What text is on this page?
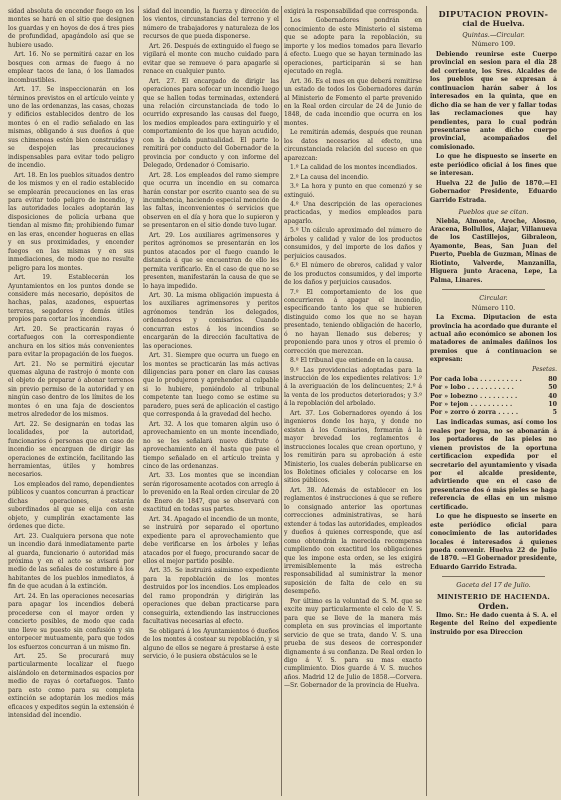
sidad absoluta de encender fuego en los montes se hará en el sitio que designen los guardas y en hoyos de dos á tres pies de profundidad, apagándolo así que se hubiere usado.

Art. 16. No se permitirá cazar en los bosques con armas de fuego á no emplear tacos de lana, ó los llamados incombustibles.

Art. 17. Se inspeccionarán en los términos previstos en el artículo veinte y uno de las ordenanzas, las casas, chozas y edificios establecidos dentro de los montes ó en el radio señalado en las mismas, obligando á sus dueños á que sus chimeneas estén bien construidas y se despojen las precauciones indispensables para evitar todo peligro de incendio.

Art. 18. En los pueblos situados dentro de los mismos y en el radio establecido se emplearán precauciones en las eras para evitar todo peligro de incendio, y las autoridades locales adoptarán las disposiciones de policía urbana que tiendan al mismo fin; prohibiendo fumar en las eras, encender hogueras en ellas y en sus proximidades, y encender fuegos en las mismas y en sus inmediaciones, de modo que no resulte peligro para los montes.

Art. 19. Establecerán los Ayuntamientos en los puntos donde se considere más necesario, depósitos de hachas, palas, azadones, espuertas terreras, segadores y demás útiles propios para cortar los incendios.

Art. 20. Se practicarán rayas ó cortafuegos con la correspondiente anchura en los sitios más convenientes para evitar la propagación de los fuegos.

Art. 21. No se permitirá ejecutar quemas alguna de rastrojo ó monte con el objeto de preparar ó abonar terrenos sin previo permiso de la autoridad y en ningún caso dentro de los límites de los montes ó en una faja de doscientos metros alrededor de los mismos.

Art. 22. Se designarán en todas las localidades, por la autoridad, funcionarios ó personas que en caso de incendio se encarguen de dirigir las operaciones de extinción, facilitando las herramientas, útiles y hombres necesarios.

Los empleados del ramo, dependientes públicos y cuantos concurran á practicar dichas operaciones, estarán subordinados al que se elija con este objeto, y cumplirán exactamente las órdenes que dicte.

Art. 23. Cualquiera persona que note un incendio dará inmediatamente parte al guarda, funcionario ó autoridad más próxima y en el acto se avisará por medio de las señales de costumbre á los habitantes de los pueblos inmediatos, á fin de que acudan á la extinción.

Art. 24. En las operaciones necesarias para apagar los incendios deberá procederse con el mayor orden y concierto posibles, de modo que cada uno lleve su puesto sin confusión y sin entorpecer mutuamente, para que todos los esfuerzos concurran á un mismo fin.

Art. 25. Se procurará muy particularmente localizar el fuego aislándolo en determinados espacios por medio de rayas ó cortafuegos. Tanto para esto como para su completa extinción se adoptarán los medios más eficaces y expeditos según la extensión é intensidad del incendio.

sidad del incendio, la fuerza y dirección de los vientos, circunstancias del terreno y el número de trabajadores y naturaleza de los recursos de que pueda disponerse.

Art. 26. Después de extinguido el fuego se vigilará el monte con mucho cuidado para evitar que se remueve ó para apagarle si renace en cualquier punto.

Art. 27. El encargado de dirigir las operaciones para sofocar un incendio luego que se hallen todas terminadas, extenderá una relación circunstanciada de todo lo ocurrido expresando las causas del fuego, los medios empleados para extinguirlo y el comportamiento de los que hayan acudido, con la debida puntualidad. El parte lo remitirá por conducto del Gobernador de la provincia por conducto y con informe del Delegado, Ordenador ó Comisario.

Art. 28. Los empleados del ramo siempre que ocurra un incendio en su comarca harán constar por escrito cuanto sea de su incumbencia, haciendo especial mención de las faltas, inconvenientes ó servicios que observen en el día y hora que lo supieron y se presentaron en el sitio donde tuvo lugar.

Art. 29. Los auxiliares agrimensores y peritos agrónomos se presentarán en los puntos atacados por el fuego cuando le distancia á que se encuentran de ello les permita verificarlo. En el caso de que no se presenten, manifestarán la causa de que se lo haya impedido.

Art. 30. La misma obligación impuesta á los auxiliares agrimensores y peritos agrónomos tendrán los delegados, ordenadores y comisarios. Cuando concurran estos á los incendios se encargarán de la dirección facultativa de las operaciones.

Art. 31. Siempre que ocurra un fuego en los montes se practicarán las más activas diligencias para poner en claro las causas que lo produjeron y aprehender al culpable si lo hubiere, poniéndolo al tribunal competente tan luego como se estime su paradero, pues será de aplicación el castigo que corresponda á la gravedad del hecho.

Art. 32. A los que tomaren algún uso ó aprovechamiento en un monte incendiado, no se les señalará nuevo disfrute ó aprovechamiento en él hasta que pase el tiempo señalado en el artículo treinta y cinco de las ordenanzas.

Art. 33. Los montes que se incendian serán rigorosamente acotados con arreglo á lo prevenido en la Real orden circular de 20 de Enero de 1847, que se observará con exactitud en todas sus partes.

Art. 34. Apagado el incendio de un monte, se instruirá por separado el oportuno expediente para el aprovechamiento que debe verificarse en los árboles y leñas atacados por el fuego, procurando sacar de ellos el mejor partido posible.

Art. 35. Se instruirá asimismo expediente para la repoblación de los montes destruidos por los incendios. Los empleados del ramo propondrán y dirigirán las operaciones que deban practicarse para conseguirla, extendiendo las instrucciones facultativas necesarias al efecto.

Se obligará á los Ayuntamientos ó dueños de los montes á costear su repoblación, y si alguno de ellos se negare á prestarse á este servicio, ó le pusiera obstáculos se le

exigirá la responsabilidad que corresponda.

Los Gobernadores pondrán en conocimiento de este Ministerio el sistema que se adopte para la repoblación, su importe y los medios tomados para llevarlo á efecto. Luego que se hayan terminado las operaciones, participarán si se han ejecutado en regla.

Art. 36. Es el mes en que deberá remitirse un estado de todos los Gobernadores darán al Ministerio de Fomento el parte prevenido en la Real orden circular de 24 de Junio de 1848, de cada incendio que ocurra en los montes.

Le remitirán además, después que reunan los datos necesarios al efecto, una circunstanciada relación del suceso en que aparezcan:

1.º La calidad de los montes incendiados.

2.º La causa del incendio.

3.º La hora y punto en que comenzó y se extinguió.

4.º Una descripción de las operaciones practicadas, y medios empleados para apagarlo.

5.º Un cálculo aproximado del número de árboles y calidad y valor de los productos consumidos, y del importe de los daños y perjuicios causados.

6.º El número de obreros, calidad y valor de los productos consumidos, y del importe de los daños y perjuicios causados.

7.º El comportamiento de los que concurrieren á apagar el incendio, especificando tanto los que se hubieren distinguido como los que no se hayan presentado, teniendo obligación de hacerlo, ó no hayan llenado sus deberes; y proponiendo para unos y otros el premio ó corrección que merezcan.

8.º El tribunal que entiende en la causa.

9.º Las providencias adoptadas para la instrucción de los expedientes relativos: 1.º á la averiguación de los delincuentes; 2.º á la venta de los productos deteriorados; y 3.º á la repoblación del arbolado.

Art. 37. Los Gobernadores oyendo á los ingenieros donde los haya, y donde no existen á los Comisarios, formarán á la mayor brevedad los reglamentos é instrucciones locales que crean oportuno, y los remitirán para su aprobación á este Ministerio, los cuales deberán publicarse en los Boletines oficiales y colocarse en los sitios públicos.

Art. 38. Además de establecer en los reglamentos é instrucciones á que se refiere lo consignado anterior las oportunas correcciones administrativas, se hará extender á todas las autoridades, empleados y dueños á quienes corresponde, que así como obtendrán la merecida recompensa cumpliendo con exactitud los obligaciones que les impone esta orden, se les exigirá irremisiblemente la más estrecha responsabilidad al suministrar la menor suposición de falta de celo en su desempeño.

Por último es la voluntad de S. M. que se excite muy particularmente el celo de V. S. para que se lleve de la manera más completa en sus provincias el importante servicio de que se trata, dando V. S. una prueba de sus deseos de corresponder dignamente á su confianza. De Real orden lo digo á V. S. para su mas exacto cumplimiento. Dios guarde á V. S. muchos años. Madrid 12 de Julio de 1858.—Corvera.—Sr. Gobernador de la provincia de Huelva.

DIPUTACION PROVIN-
cial de Huelva.
Quintas.—Circular.
Número 109.

Debiendo reunirse este Cuerpo provincial en sesion para el dia 28 del corriente, los Sres. Alcaldes de los pueblos que se expresan á continuacion harán saber á los interesados en la quinta, que en dicho dia se han de ver y fallar todas las reclamaciones que hay pendientes, para lo cual podrán presentarse ante dicho cuerpo provincial, acompañados del comisionado.

Lo que he dispuesto se inserte en este periódico oficial á los fines que se interesan.

Huelva 22 de Julio de 1870.—El Gobernador Presidente, Eduardo Garrido Estrada.

Pueblos que se citan.

Niebla, Almonte, Aroche, Alosno, Aracena, Bollullos, Alajar, Villanueva de los Castillejos, Gibraleon, Ayamonte, Beas, San Juan del Puerto, Puebla de Guzman, Minas de Riotinto, Valverde, Manzanilla, Higuera junto Aracena, Lepe, La Palma, Linares.

Circular.
Número 110.

La Excma. Diputacion de esta provincia ha acordado que durante el actual año económico se abonen los matadores de animales dañinos los premios que á continuacion se expresan:

Pesetas.
Por cada loba . . . . . . . . . .	80
Por » lobo . . . . . . . . . . .	50
Por » lobezno . . . . . . . . .	40
Por » tejon . . . . . . . . . .	10
Por » zorro ó zorra . . . . .	5

Las indicadas sumas, así como los reales por legua, no se abonarán á los portadores de las pieles no vienen provistos de la oportuna certificacion expedida por el secretario del ayuntamiento y visada por el alcalde presidente, advirtiendo que en el caso de presentarse dos ó más pieles se haga referencia de ellas en un mismo certificado.

Lo que he dispuesto se inserte en este periódico oficial para conocimiento de las autoridades locales é interesados á quienes pueda convenir. Huelva 22 de Julio de 1870. —El Gobernador presidente, Eduardo Garrido Estrada.

Gaceta del 17 de Julio.
MINISTERIO DE HACIENDA.
Orden.

Ilmo. Sr.: He dado cuenta á S. A. el Regente del Reino del expediente instruido por esa Direccion
